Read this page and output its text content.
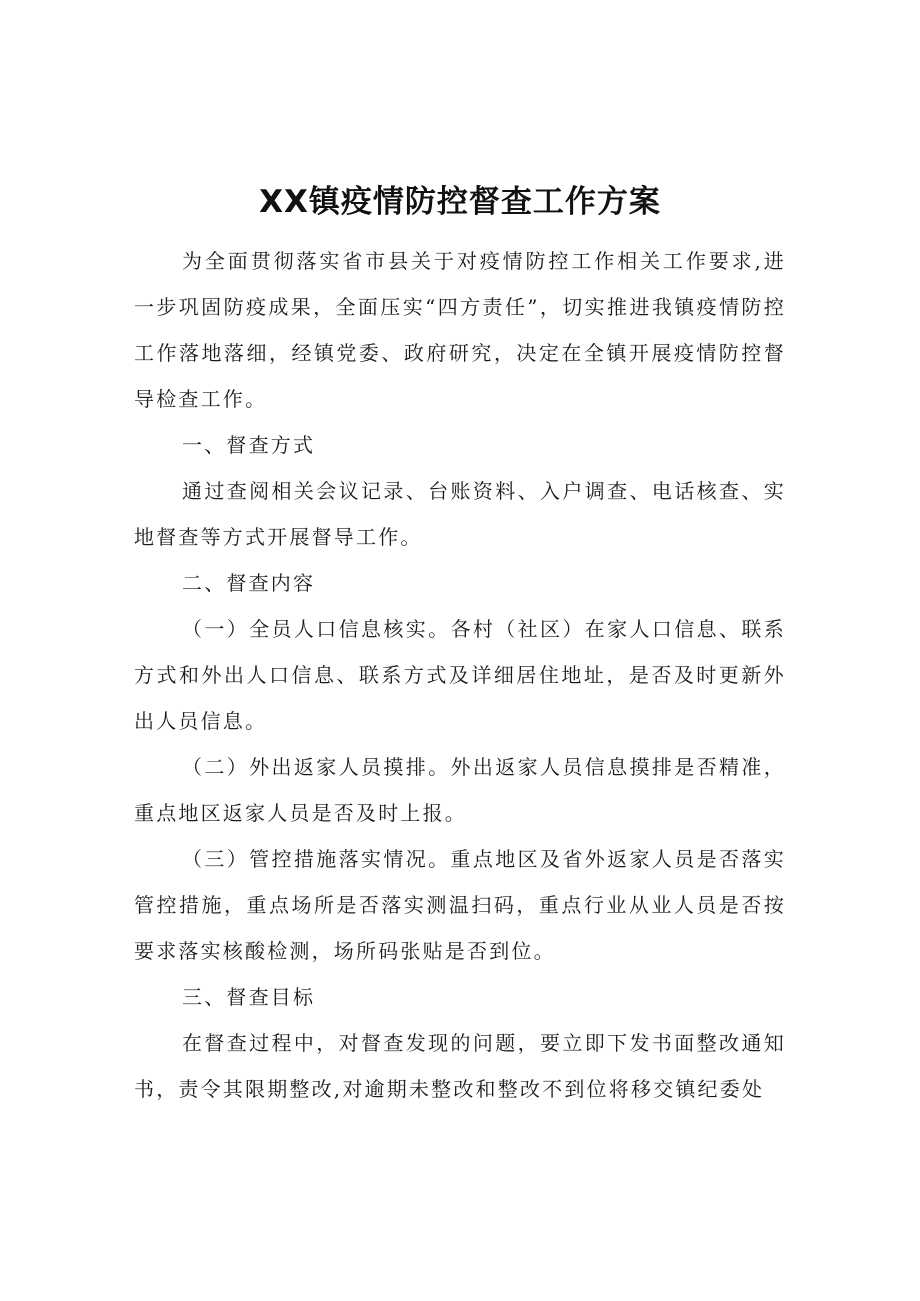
XX镇疫情防控督查工作方案

为全面贯彻落实省市县关于对疫情防控工作相关工作要求,进一步巩固防疫成果，全面压实“四方责任”，切实推进我镇疫情防控工作落地落细，经镇党委、政府研究，决定在全镇开展疫情防控督导检查工作。

一、督查方式

通过查阅相关会议记录、台账资料、入户调查、电话核查、实地督查等方式开展督导工作。

二、督查内容

（一）全员人口信息核实。各村（社区）在家人口信息、联系方式和外出人口信息、联系方式及详细居住地址，是否及时更新外出人员信息。

（二）外出返家人员摸排。外出返家人员信息摸排是否精准，重点地区返家人员是否及时上报。

（三）管控措施落实情况。重点地区及省外返家人员是否落实管控措施，重点场所是否落实测温扫码，重点行业从业人员是否按要求落实核酸检测，场所码张贴是否到位。

三、督查目标

在督查过程中，对督查发现的问题，要立即下发书面整改通知书，责令其限期整改,对逾期未整改和整改不到位将移交镇纪委处
